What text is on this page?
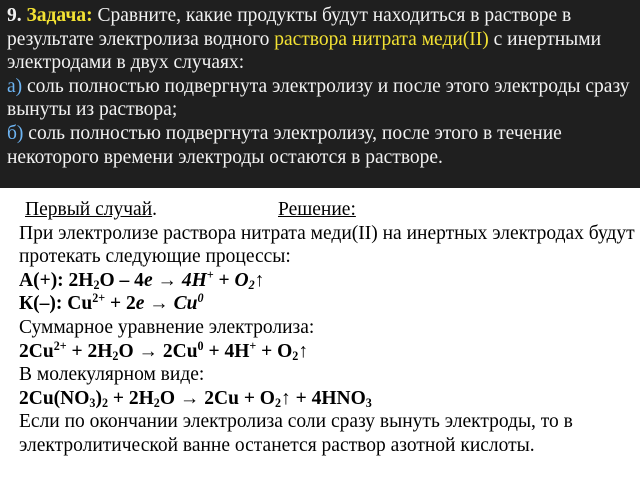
9. Задача: Сравните, какие продукты будут находиться в растворе в результате электролиза водного раствора нитрата меди(II) с инертными электродами в двух случаях:

а) соль полностью подвергнута электролизу и после этого электроды сразу вынуты из раствора;

б) соль полностью подвергнута электролизу, после этого в течение некоторого времени электроды остаются в растворе.

Первый случай.	Решение:

При электролизе раствора нитрата меди(II) на инертных электродах будут протекать следующие процессы:

А(+): $2Н_2О - 4е \to 4Н^+$ + $О_2↑$

К(–): $Сu^{2+} + 2е \to Сu^0$

Суммарное уравнение электролиза:

$2Сu^{2+} + 2Н_2О \to 2Сu^0 + 4Н^+$ + $О_2↑$

В молекулярном виде:

$2Сu(NO_3)_2 + 2Н_2О \to 2Сu$ + $О_2↑ + 4НNО_3$

Если по окончании электролиза соли сразу вынуть электроды, то в электролитической ванне останется раствор азотной кислоты.
